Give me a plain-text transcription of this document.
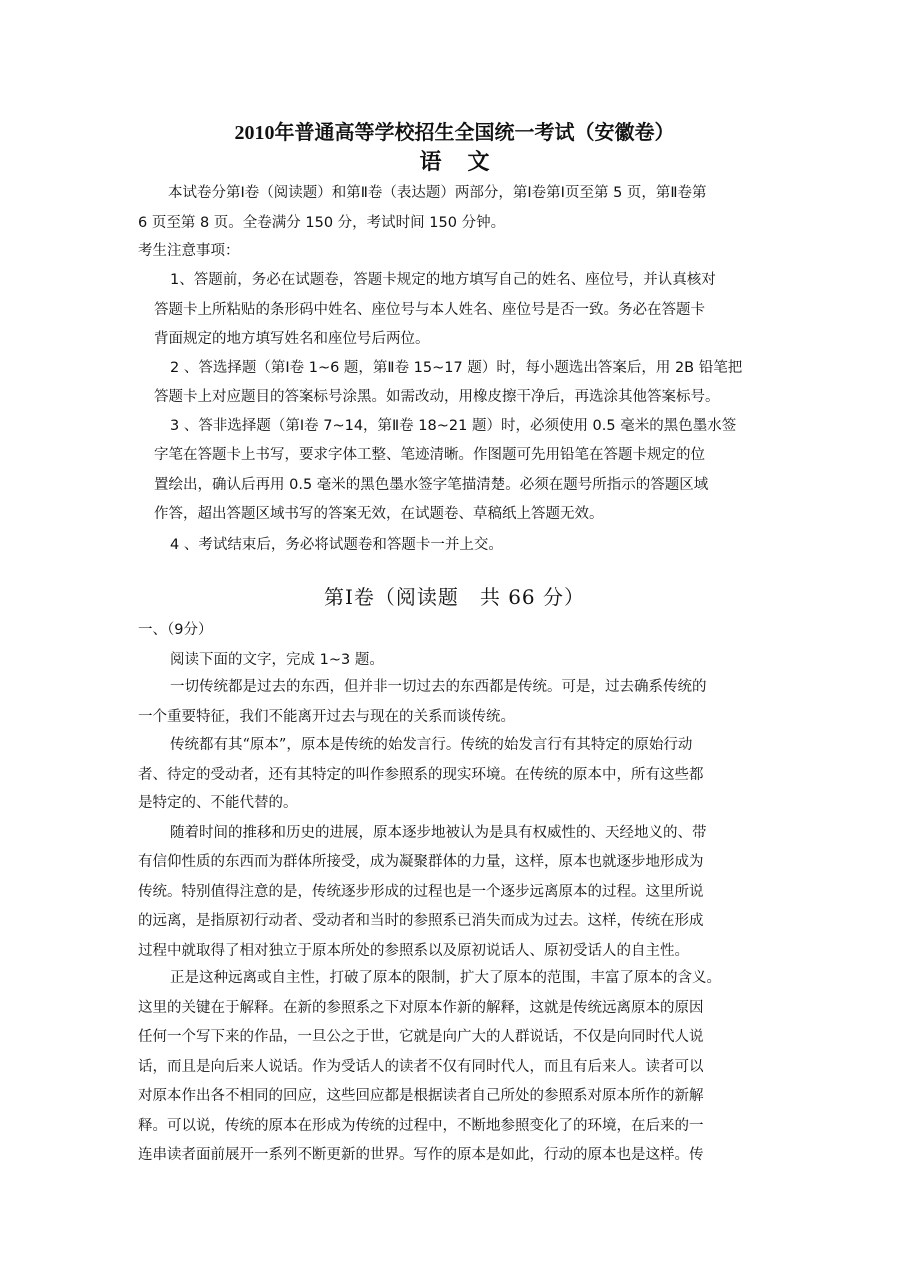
2010年普通高等学校招生全国统一考试（安徽卷）
语文
本试卷分第Ⅰ卷（阅读题）和第Ⅱ卷（表达题）两部分，第Ⅰ卷第Ⅰ页至第 5 页，第Ⅱ卷第
6 页至第 8 页。全卷满分 150 分，考试时间 150 分钟。
考生注意事项：
1、答题前，务必在试题卷，答题卡规定的地方填写自己的姓名、座位号，并认真核对
答题卡上所粘贴的条形码中姓名、座位号与本人姓名、座位号是否一致。务必在答题卡
背面规定的地方填写姓名和座位号后两位。
2 、答选择题（第Ⅰ卷 1~6 题，第Ⅱ卷 15~17 题）时，每小题选出答案后，用 2B 铅笔把
答题卡上对应题目的答案标号涂黑。如需改动，用橡皮擦干净后，再选涂其他答案标号。
3 、答非选择题（第Ⅰ卷 7~14，第Ⅱ卷 18~21 题）时，必须使用 0.5 毫米的黑色墨水签
字笔在答题卡上书写，要求字体工整、笔迹清晰。作图题可先用铅笔在答题卡规定的位
置绘出，确认后再用 0.5 毫米的黑色墨水签字笔描清楚。必须在题号所指示的答题区域
作答，超出答题区域书写的答案无效，在试题卷、草稿纸上答题无效。
4 、考试结束后，务必将试题卷和答题卡一并上交。
第Ⅰ卷（阅读题　共 66 分）
一、（9分）
阅读下面的文字，完成 1~3 题。
一切传统都是过去的东西，但并非一切过去的东西都是传统。可是，过去确系传统的
一个重要特征，我们不能离开过去与现在的关系而谈传统。
传统都有其“原本”，原本是传统的始发言行。传统的始发言行有其特定的原始行动
者、待定的受动者，还有其特定的叫作参照系的现实环境。在传统的原本中，所有这些都
是特定的、不能代替的。
随着时间的推移和历史的进展，原本逐步地被认为是具有权威性的、天经地义的、带
有信仰性质的东西而为群体所接受，成为凝聚群体的力量，这样，原本也就逐步地形成为
传统。特别值得注意的是，传统逐步形成的过程也是一个逐步远离原本的过程。这里所说
的远离，是指原初行动者、受动者和当时的参照系已消失而成为过去。这样，传统在形成
过程中就取得了相对独立于原本所处的参照系以及原初说话人、原初受话人的自主性。
正是这种远离或自主性，打破了原本的限制，扩大了原本的范围，丰富了原本的含义。
这里的关键在于解释。在新的参照系之下对原本作新的解释，这就是传统远离原本的原因
任何一个写下来的作品，一旦公之于世，它就是向广大的人群说话，不仅是向同时代人说
话，而且是向后来人说话。作为受话人的读者不仅有同时代人，而且有后来人。读者可以
对原本作出各不相同的回应，这些回应都是根据读者自己所处的参照系对原本所作的新解
释。可以说，传统的原本在形成为传统的过程中，不断地参照变化了的环境，在后来的一
连串读者面前展开一系列不断更新的世界。写作的原本是如此，行动的原本也是这样。传
